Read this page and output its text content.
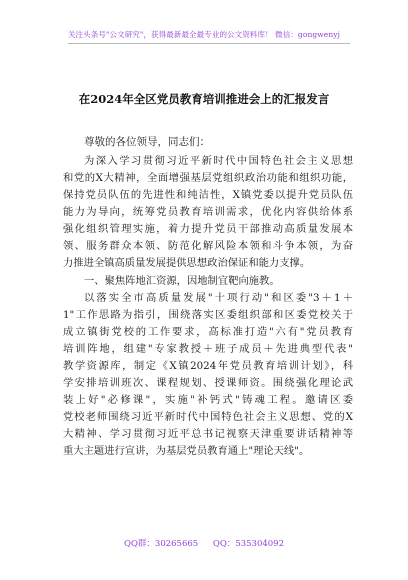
关注头条号"公文研究"，获得最新最全最专业的公文资料库！ 微信：gongwenyj
在2024年全区党员教育培训推进会上的汇报发言
尊敬的各位领导，同志们：
为深入学习贯彻习近平新时代中国特色社会主义思想
和党的X大精神，全面增强基层党组织政治功能和组织功能，
保持党员队伍的先进性和纯洁性，X镇党委以提升党员队伍
能力为导向，统筹党员教育培训需求，优化内容供给体系
强化组织管理实施，着力提升党员干部推动高质量发展本
领、服务群众本领、防范化解风险本领和斗争本领，为奋
力推进全镇高质量发展提供思想政治保证和能力支撑。
一、聚焦阵地汇资源，因地制宜靶向施教。
以落实全市高质量发展"十项行动"和区委"3＋1＋
1"工作思路为指引，围绕落实区委组织部和区委党校关于
成立镇街党校的工作要求，高标准打造"六有"党员教育
培训阵地，组建"专家教授＋班子成员＋先进典型代表"
教学资源库，制定《X镇2024年党员教育培训计划》，科
学安排培训班次、课程规划、授课师资。围绕强化理论武
装上好"必修课"，实施"补钙式"铸魂工程。邀请区委
党校老师围绕习近平新时代中国特色社会主义思想、党的X
大精神、学习贯彻习近平总书记视察天津重要讲话精神等
重大主题进行宣讲，为基层党员教育通上"理论天线"。
QQ群：30265665 QQ：535304092
